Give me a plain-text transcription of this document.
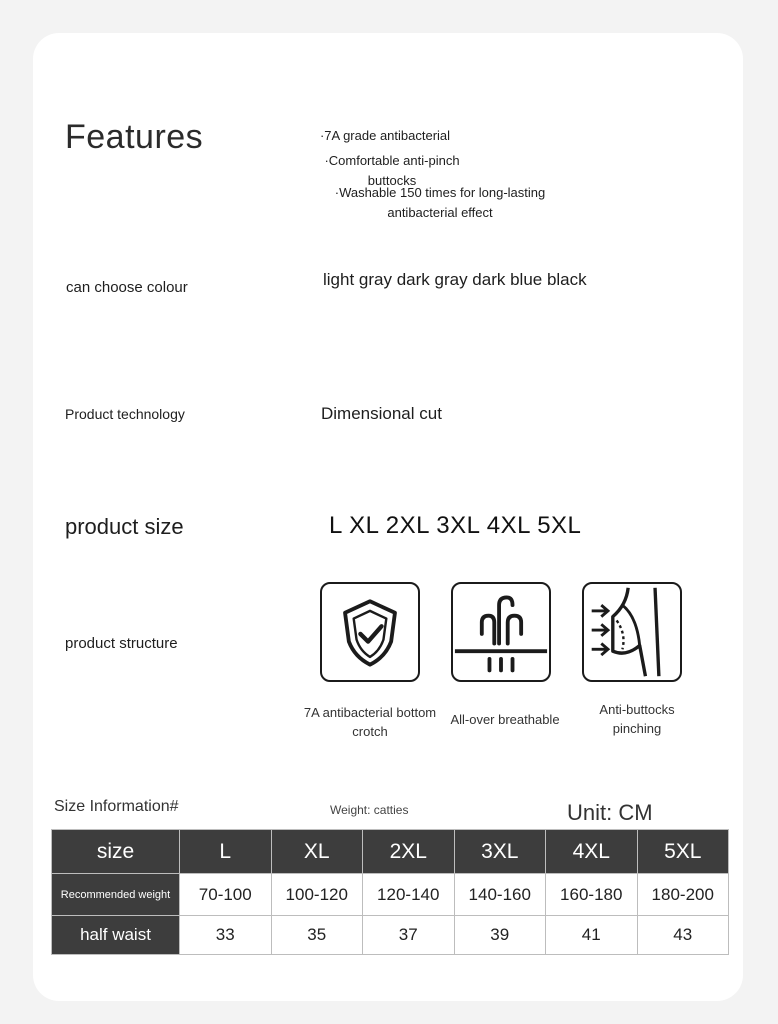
Features	·7A grade antibacterial
·Comfortable anti-pinch
buttocks
·Washable 150 times for long-lasting
antibacterial effect
can choose colour	light gray dark gray dark blue black
Product technology	Dimensional cut
product size	L XL 2XL 3XL 4XL 5XL
product structure
7A antibacterial bottom
crotch
All-over breathable
Anti-buttocks
pinching
Size Information#	Weight: catties	Unit: CM
size	L	XL	2XL	3XL	4XL	5XL
Recommended weight	70-100	100-120	120-140	140-160	160-180	180-200
half waist	33	35	37	39	41	43
